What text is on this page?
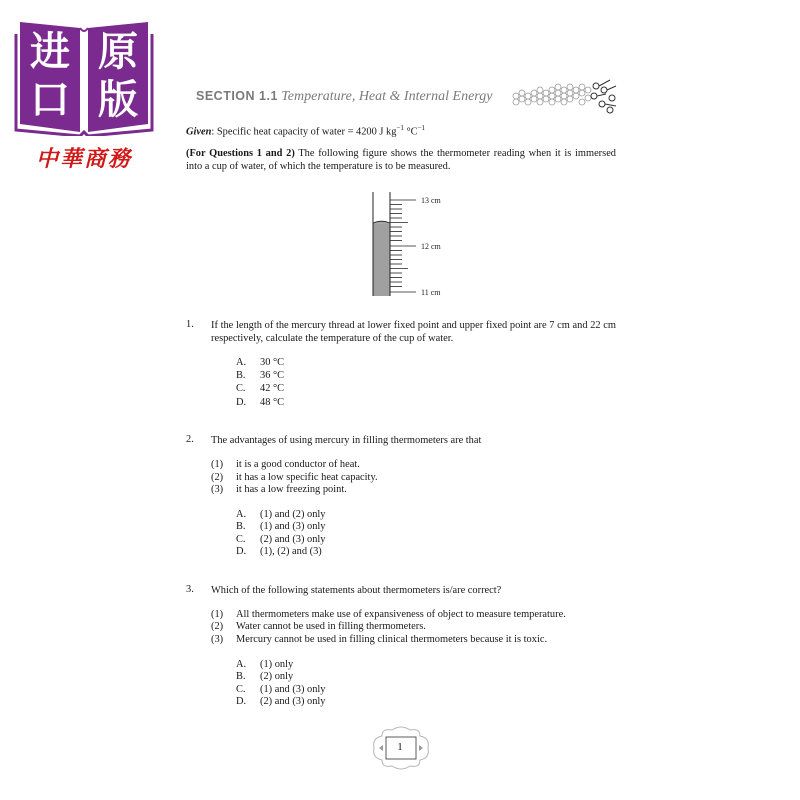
进 原
口 版
中華商務
SECTION 1.1 Temperature, Heat & Internal Energy
Given: Specific heat capacity of water = 4200 J $kg^{-1}$ $^\circ C^{-1}$
(For Questions 1 and 2) The following figure shows the thermometer reading when it is immersed into a cup of water, of which the temperature is to be measured.
13 cm
12 cm
11 cm
1. If the length of the mercury thread at lower fixed point and upper fixed point are 7 cm and 22 cm respectively, calculate the temperature of the cup of water.
A. 30 °C
B. 36 °C
C. 42 °C
D. 48 °C
2. The advantages of using mercury in filling thermometers are that
(1) it is a good conductor of heat.
(2) it has a low specific heat capacity.
(3) it has a low freezing point.
A. (1) and (2) only
B. (1) and (3) only
C. (2) and (3) only
D. (1), (2) and (3)
3. Which of the following statements about thermometers is/are correct?
(1) All thermometers make use of expansiveness of object to measure temperature.
(2) Water cannot be used in filling thermometers.
(3) Mercury cannot be used in filling clinical thermometers because it is toxic.
A. (1) only
B. (2) only
C. (1) and (3) only
D. (2) and (3) only
1
